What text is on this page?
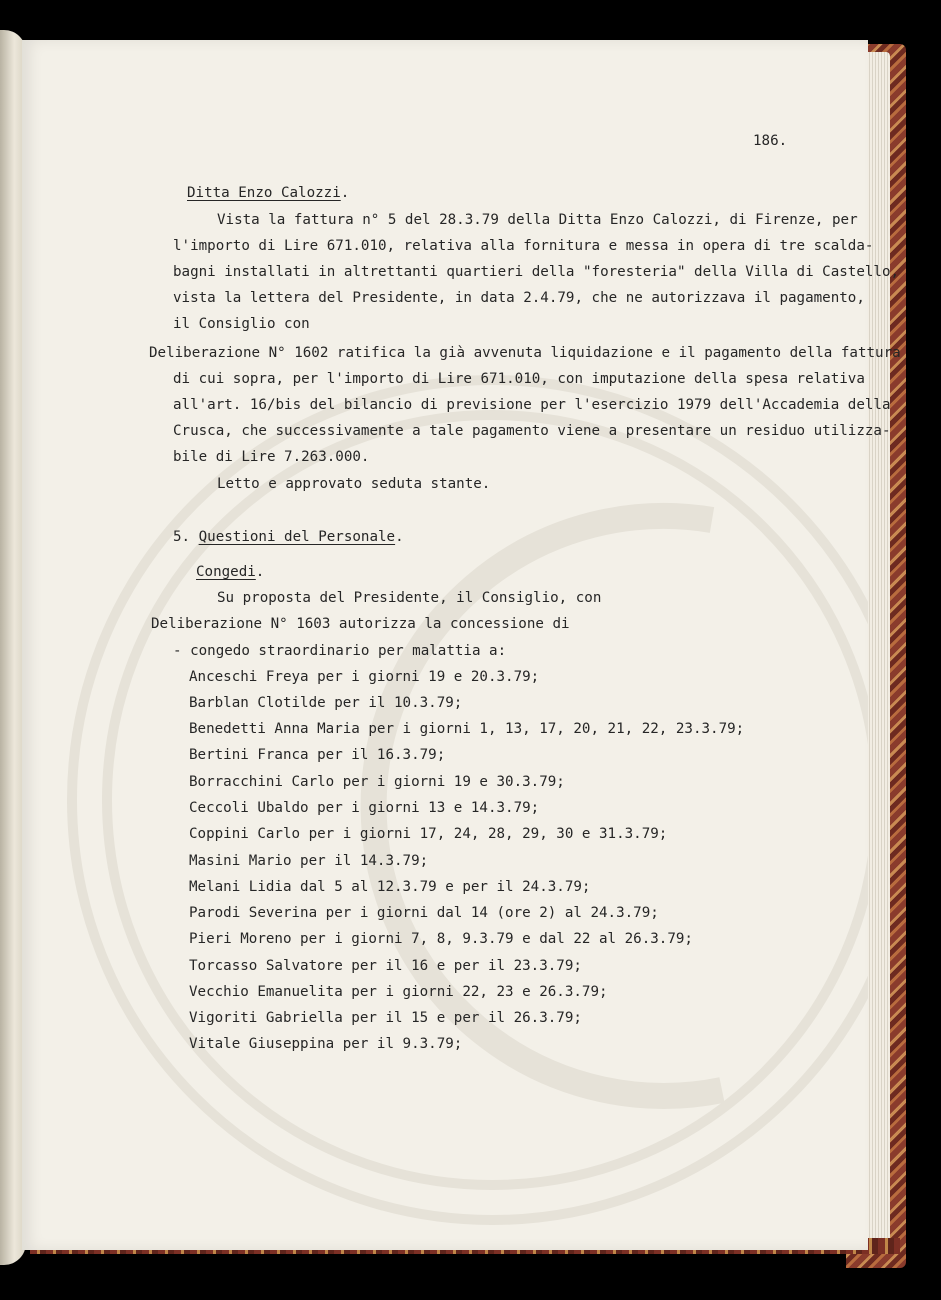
186.
Ditta Enzo Calozzi.
Vista la fattura n° 5 del 28.3.79 della Ditta Enzo Calozzi, di Firenze, per
l'importo di Lire 671.010, relativa alla fornitura e messa in opera di tre scalda-
bagni installati in altrettanti quartieri della "foresteria" della Villa di Castello,
vista la lettera del Presidente, in data 2.4.79, che ne autorizzava il pagamento,
il Consiglio con
Deliberazione N° 1602 ratifica la già avvenuta liquidazione e il pagamento della fattura
di cui sopra, per l'importo di Lire 671.010, con imputazione della spesa relativa
all'art. 16/bis del bilancio di previsione per l'esercizio 1979 dell'Accademia della
Crusca, che successivamente a tale pagamento viene a presentare un residuo utilizza-
bile di Lire 7.263.000.
Letto e approvato seduta stante.
5. Questioni del Personale.
Congedi.
Su proposta del Presidente, il Consiglio, con
Deliberazione N° 1603 autorizza la concessione di
- congedo straordinario per malattia a:
Anceschi Freya per i giorni 19 e 20.3.79;
Barblan Clotilde per il 10.3.79;
Benedetti Anna Maria per i giorni 1, 13, 17, 20, 21, 22, 23.3.79;
Bertini Franca per il 16.3.79;
Borracchini Carlo per i giorni 19 e 30.3.79;
Ceccoli Ubaldo per i giorni 13 e 14.3.79;
Coppini Carlo per i giorni 17, 24, 28, 29, 30 e 31.3.79;
Masini Mario per il 14.3.79;
Melani Lidia dal 5 al 12.3.79 e per il 24.3.79;
Parodi Severina per i giorni dal 14 (ore 2) al 24.3.79;
Pieri Moreno per i giorni 7, 8, 9.3.79 e dal 22 al 26.3.79;
Torcasso Salvatore per il 16 e per il 23.3.79;
Vecchio Emanuelita per i giorni 22, 23 e 26.3.79;
Vigoriti Gabriella per il 15 e per il 26.3.79;
Vitale Giuseppina per il 9.3.79;
